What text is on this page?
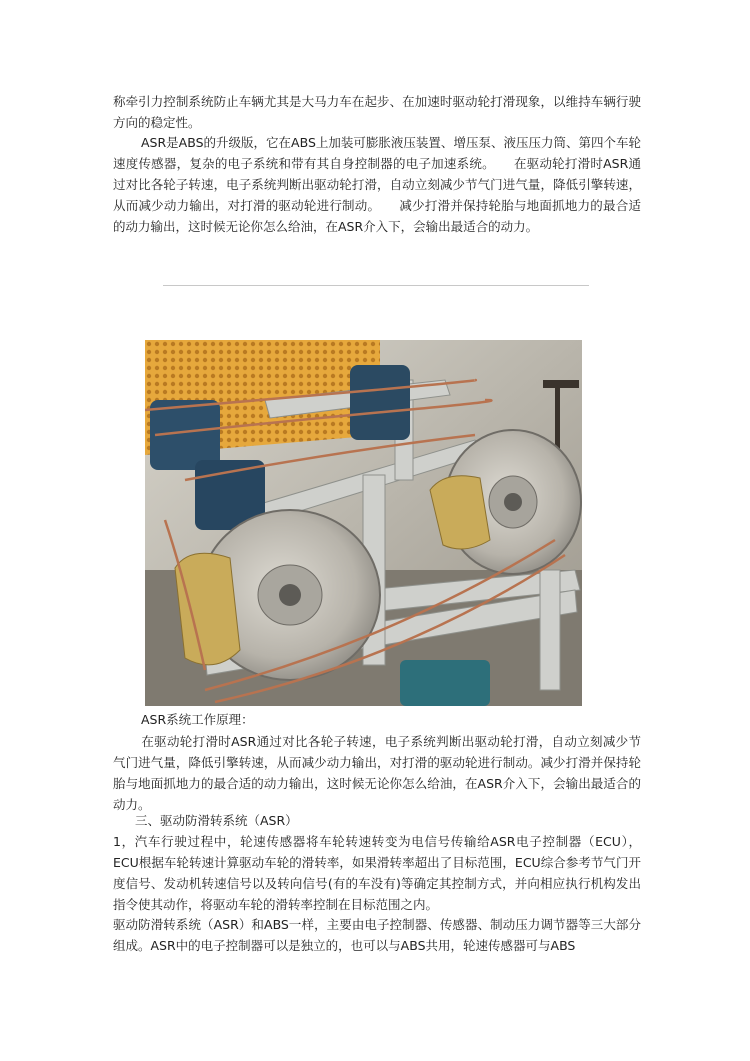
称牵引力控制系统防止车辆尤其是大马力车在起步、在加速时驱动轮打滑现象，以维持车辆行驶方向的稳定性。

ASR是ABS的升级版，它在ABS上加装可膨胀液压装置、增压泵、液压压力筒、第四个车轮速度传感器，复杂的电子系统和带有其自身控制器的电子加速系统。　　在驱动轮打滑时ASR通过对比各轮子转速，电子系统判断出驱动轮打滑，自动立刻减少节气门进气量，降低引擎转速，从而减少动力输出，对打滑的驱动轮进行制动。　　减少打滑并保持轮胎与地面抓地力的最合适的动力输出，这时候无论你怎么给油，在ASR介入下，会输出最适合的动力。

ASR系统工作原理：

在驱动轮打滑时ASR通过对比各轮子转速，电子系统判断出驱动轮打滑，自动立刻减少节气门进气量，降低引擎转速，从而减少动力输出，对打滑的驱动轮进行制动。减少打滑并保持轮胎与地面抓地力的最合适的动力输出，这时候无论你怎么给油，在ASR介入下，会输出最适合的动力。

三、驱动防滑转系统（ASR）

1，汽车行驶过程中，轮速传感器将车轮转速转变为电信号传输给ASR电子控制器（ECU），ECU根据车轮转速计算驱动车轮的滑转率，如果滑转率超出了目标范围，ECU综合参考节气门开度信号、发动机转速信号以及转向信号(有的车没有)等确定其控制方式，并向相应执行机构发出指令使其动作，将驱动车轮的滑转率控制在目标范围之内。

驱动防滑转系统（ASR）和ABS一样，主要由电子控制器、传感器、制动压力调节器等三大部分组成。ASR中的电子控制器可以是独立的，也可以与ABS共用，轮速传感器可与ABS
